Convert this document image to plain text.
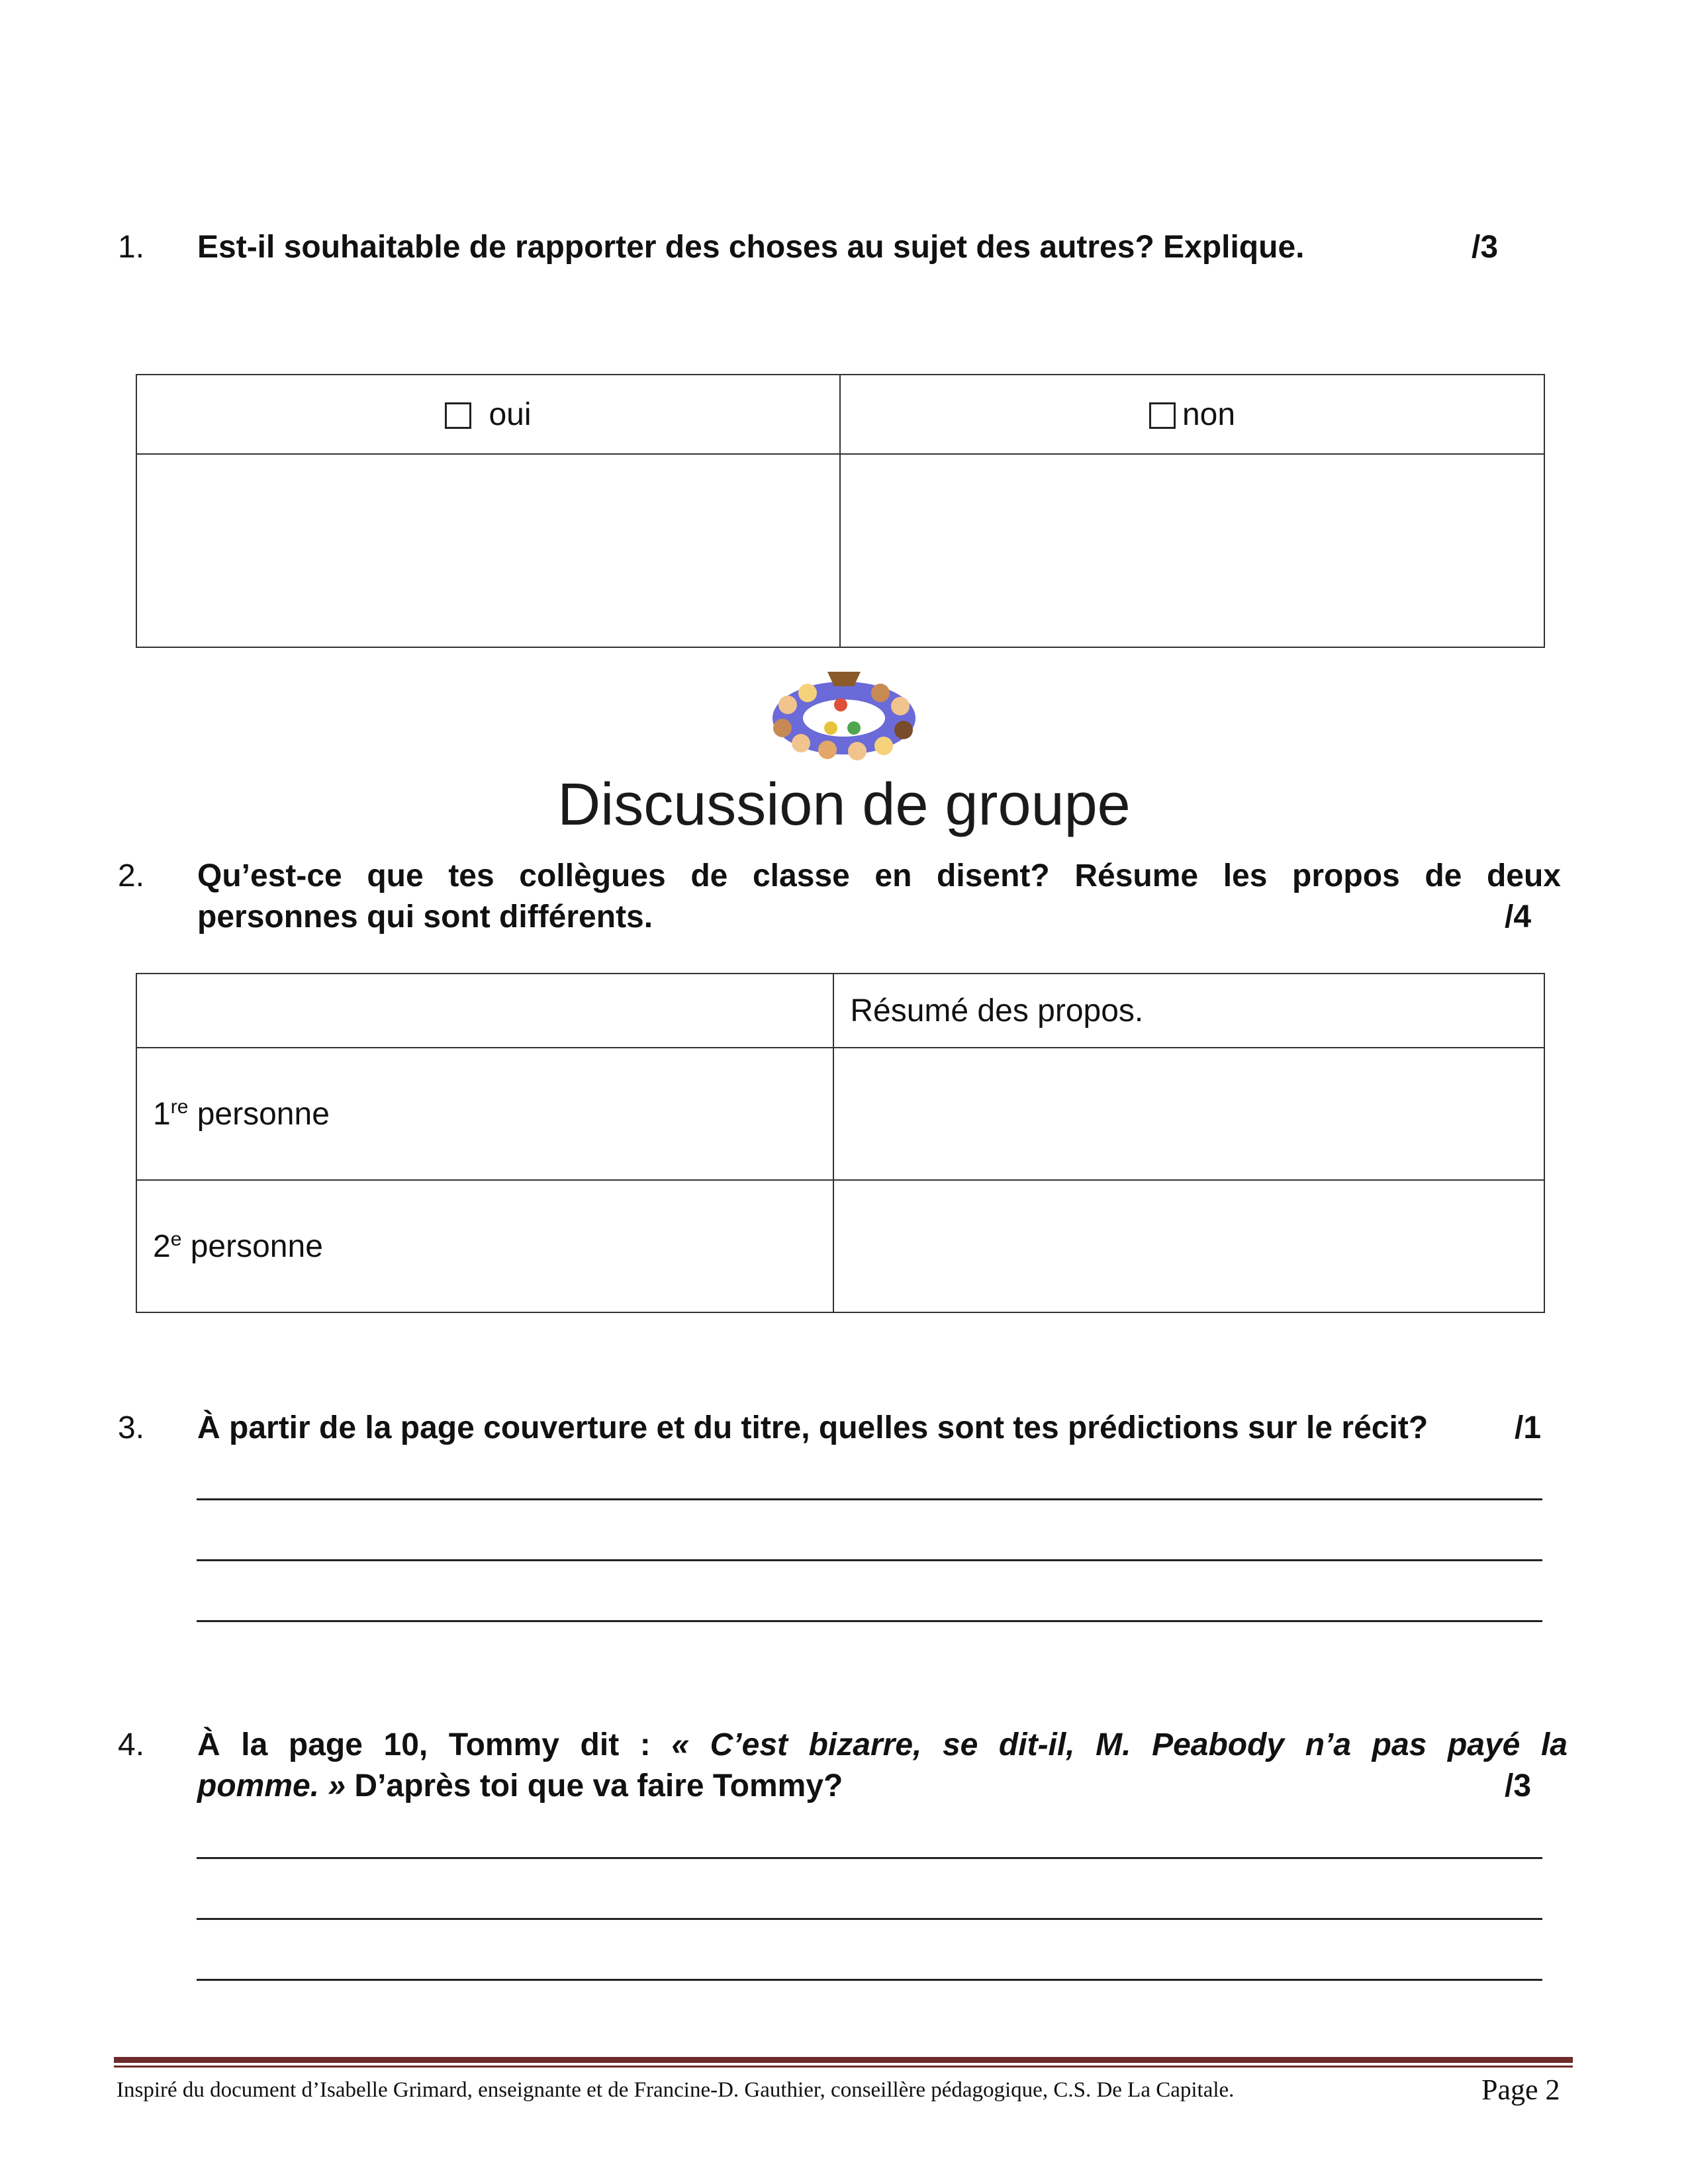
1. Est-il souhaitable de rapporter des choses au sujet des autres? Explique.	/3
oui	non

Discussion de groupe
2. Qu’est-ce que tes collègues de classe en disent? Résume les propos de deux
personnes qui sont différents.	/4
	Résumé des propos.
1re personne	
2e personne	
3. À partir de la page couverture et du titre, quelles sont tes prédictions sur le récit?	/1
4. À la page 10, Tommy dit : « C’est bizarre, se dit-il, M. Peabody n’a pas payé la
pomme. » D’après toi que va faire Tommy?	/3
Inspiré du document d’Isabelle Grimard, enseignante et de Francine-D. Gauthier, conseillère pédagogique, C.S. De La Capitale.	Page 2
